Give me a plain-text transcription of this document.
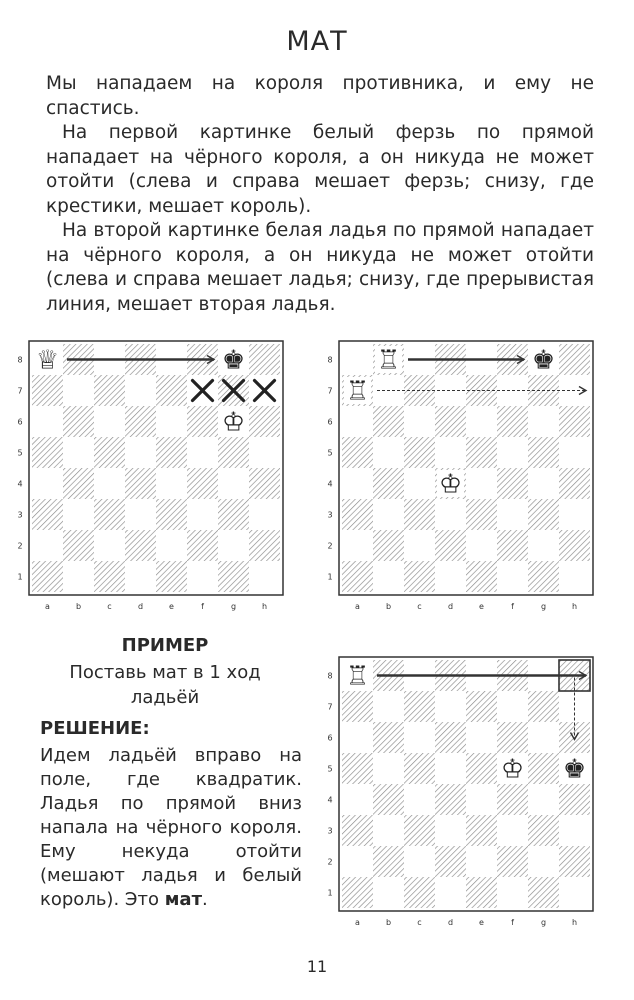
МАТ

Мы нападаем на короля противника, и ему не спастись.

На первой картинке белый ферзь по прямой нападает на чёрного короля, а он никуда не может отойти (слева и справа мешает ферзь; снизу, где крестики, мешает король).

На второй картинке белая ладья по прямой нападает на чёрного короля, а он никуда не может отойти (слева и справа мешает ладья; снизу, где прерывистая линия, мешает вторая ладья.

8
7
6
5
4
3
2
1
a	b	c	d	e	f	g	h
♕	♚
♔
8
7
6
5
4
3
2
1
a	b	c	d	e	f	g	h
♖
♖
♚
♔
8
7
6
5
4
3
2
1
a	b	c	d	e	f	g	h
♖
♔ ♚
ПРИМЕР
Поставь мат в 1 ход
ладьёй
РЕШЕНИЕ:
Идем ладьёй вправо на поле, где квадратик. Ладья по прямой вниз напала на чёрного короля. Ему некуда отойти (мешают ладья и белый король). Это мат.
11
